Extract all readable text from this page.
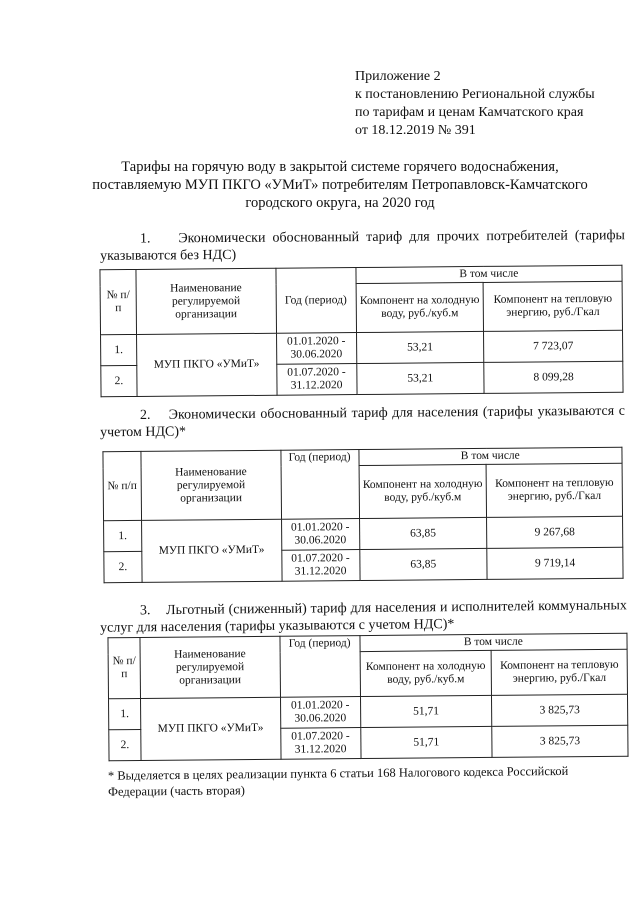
Приложение 2
к постановлению Региональной службы
по тарифам и ценам Камчатского края
от 18.12.2019 № 391
Тарифы на горячую воду в закрытой системе горячего водоснабжения,
поставляемую МУП ПКГО «УМиТ» потребителям Петропавловск-Камчатского
городского округа, на 2020 год
1. Экономически обоснованный тариф для прочих потребителей (тарифы указываются без НДС)
№ п/п	Наименование регулируемой организации	Год (период)	В том числе	
			Компонент на холодную воду, руб./куб.м	Компонент на тепловую энергию, руб./Гкал
1.	МУП ПКГО «УМиТ»	01.01.2020 - 30.06.2020	53,21	7 723,07
2.		01.07.2020 - 31.12.2020	53,21	8 099,28
2. Экономически обоснованный тариф для населения (тарифы указываются с учетом НДС)*
№ п/п	Наименование регулируемой организации	Год (период)	В том числе	
			Компонент на холодную воду, руб./куб.м	Компонент на тепловую энергию, руб./Гкал
1.	МУП ПКГО «УМиТ»	01.01.2020 - 30.06.2020	63,85	9 267,68
2.		01.07.2020 - 31.12.2020	63,85	9 719,14
3. Льготный (сниженный) тариф для населения и исполнителей коммунальных услуг для населения (тарифы указываются с учетом НДС)*
№ п/п	Наименование регулируемой организации	Год (период)	В том числе	
			Компонент на холодную воду, руб./куб.м	Компонент на тепловую энергию, руб./Гкал
1.	МУП ПКГО «УМиТ»	01.01.2020 - 30.06.2020	51,71	3 825,73
2.		01.07.2020 - 31.12.2020	51,71	3 825,73
* Выделяется в целях реализации пункта 6 статьи 168 Налогового кодекса Российской Федерации (часть вторая)
